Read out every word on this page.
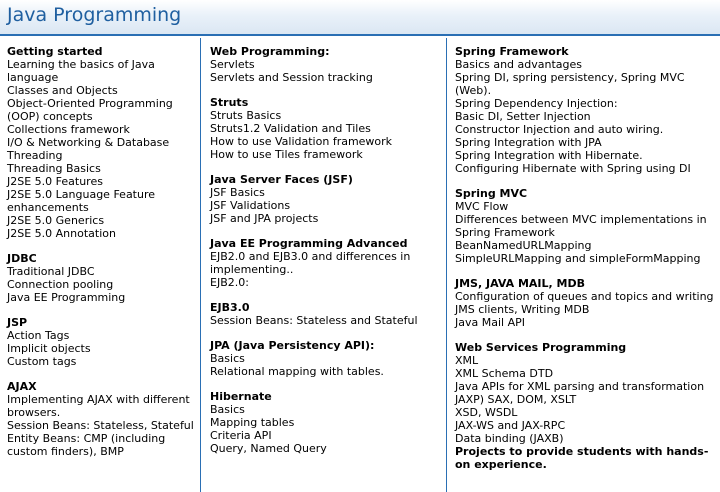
Java Programming
Getting started
Learning the basics of Java language
Classes and Objects
Object-Oriented Programming (OOP) concepts
Collections framework
I/O & Networking & Database
Threading
Threading Basics
J2SE 5.0 Features
J2SE 5.0 Language Feature enhancements
J2SE 5.0 Generics
J2SE 5.0 Annotation
JDBC
Traditional JDBC
Connection pooling
Java EE Programming
JSP
Action Tags
Implicit objects
Custom tags
AJAX
Implementing AJAX with different browsers.
Session Beans: Stateless, Stateful
Entity Beans: CMP (including custom finders), BMP
Web Programming:
Servlets
Servlets and Session tracking
Struts
Struts Basics
Struts1.2 Validation and Tiles
How to use Validation framework
How to use Tiles framework
Java Server Faces (JSF)
JSF Basics
JSF Validations
JSF and JPA projects
Java EE Programming Advanced
EJB2.0 and EJB3.0 and differences in implementing..
EJB2.0:
EJB3.0
Session Beans: Stateless and Stateful
JPA (Java Persistency API):
Basics
Relational mapping with tables.
Hibernate
Basics
Mapping tables
Criteria API
Query, Named Query
Spring Framework
Basics and advantages
Spring DI, spring persistency, Spring MVC (Web).
Spring Dependency Injection:
Basic DI, Setter Injection
Constructor Injection and auto wiring.
Spring Integration with JPA
Spring Integration with Hibernate.
Configuring Hibernate with Spring using DI
Spring MVC
MVC Flow
Differences between MVC implementations in Spring Framework
BeanNamedURLMapping
SimpleURLMapping and simpleFormMapping
JMS, JAVA MAIL, MDB
Configuration of queues and topics and writing JMS clients, Writing MDB
Java Mail API
Web Services Programming
XML
XML Schema DTD
Java APIs for XML parsing and transformation
JAXP) SAX, DOM, XSLT
XSD, WSDL
JAX-WS and JAX-RPC
Data binding (JAXB)
Projects to provide students with hands-on experience.
